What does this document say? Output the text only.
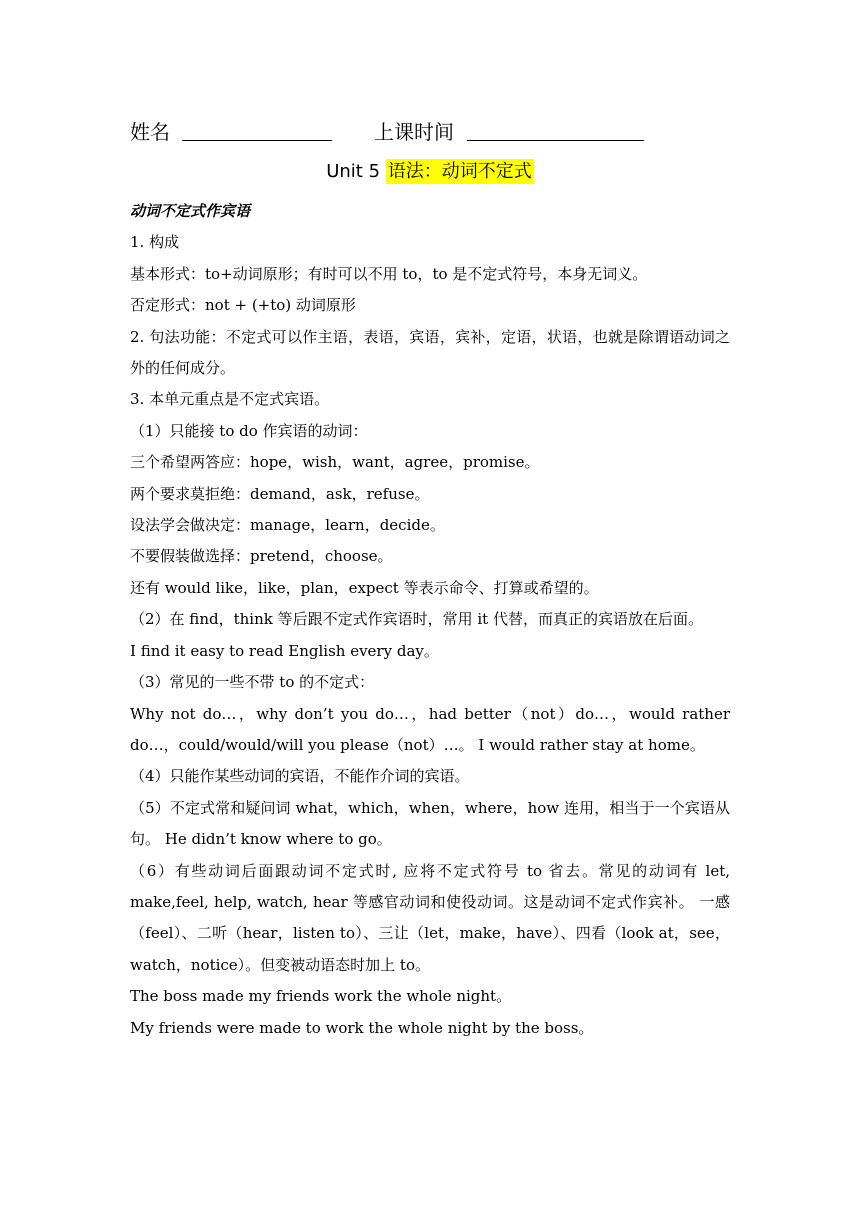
姓名	上课时间
Unit 5 语法：动词不定式

动词不定式作宾语

1. 构成

基本形式：to+动词原形；有时可以不用 to，to 是不定式符号，本身无词义。

否定形式：not + (+to) 动词原形

2. 句法功能：不定式可以作主语，表语，宾语，宾补，定语，状语，也就是除谓语动词之外的任何成分。

3. 本单元重点是不定式宾语。

（1）只能接 to do 作宾语的动词：

三个希望两答应：hope，wish，want，agree，promise。

两个要求莫拒绝：demand，ask，refuse。

设法学会做决定：manage，learn，decide。

不要假装做选择：pretend，choose。

还有 would like，like，plan，expect 等表示命令、打算或希望的。

（2）在 find，think 等后跟不定式作宾语时，常用 it 代替，而真正的宾语放在后面。

I find it easy to read English every day。

（3）常见的一些不带 to 的不定式：

Why not do…，why don’t you do…，had better（not）do…，would rather do…，could/would/will you please（not）…。 I would rather stay at home。

（4）只能作某些动词的宾语，不能作介词的宾语。

（5）不定式常和疑问词 what，which，when，where，how 连用，相当于一个宾语从句。 He didn’t know where to go。

（6）有些动词后面跟动词不定式时, 应将不定式符号 to 省去。常见的动词有 let, make,feel, help, watch, hear 等感官动词和使役动词。这是动词不定式作宾补。 一感（feel）、二听（hear，listen to）、三让（let，make，have）、四看（look at，see，watch，notice）。但变被动语态时加上 to。

The boss made my friends work the whole night。

My friends were made to work the whole night by the boss。
